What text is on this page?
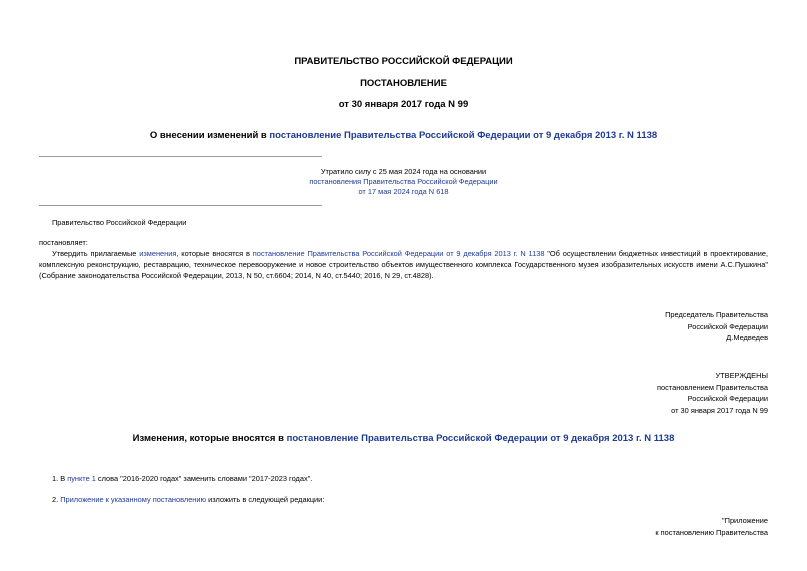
ПРАВИТЕЛЬСТВО РОССИЙСКОЙ ФЕДЕРАЦИИ
ПОСТАНОВЛЕНИЕ
от 30 января 2017 года N 99
О внесении изменений в постановление Правительства Российской Федерации от 9 декабря 2013 г. N 1138
Утратило силу с 25 мая 2024 года на основании
постановления Правительства Российской Федерации
от 17 мая 2024 года N 618
Правительство Российской Федерации
постановляет:
Утвердить прилагаемые изменения, которые вносятся в постановление Правительства Российской Федерации от 9 декабря 2013 г. N 1138 "Об осуществлении бюджетных инвестиций в проектирование, комплексную реконструкцию, реставрацию, техническое перевооружение и новое строительство объектов имущественного комплекса Государственного музея изобразительных искусств имени А.С.Пушкина" (Собрание законодательства Российской Федерации, 2013, N 50, ст.6604; 2014, N 40, ст.5440; 2016, N 29, ст.4828).
Председатель Правительства
Российской Федерации
Д.Медведев
УТВЕРЖДЕНЫ
постановлением Правительства
Российской Федерации
от 30 января 2017 года N 99
Изменения, которые вносятся в постановление Правительства Российской Федерации от 9 декабря 2013 г. N 1138
1. В пункте 1 слова "2016-2020 годах" заменить словами "2017-2023 годах".
2. Приложение к указанному постановлению изложить в следующей редакции:
"Приложение
к постановлению Правительства
